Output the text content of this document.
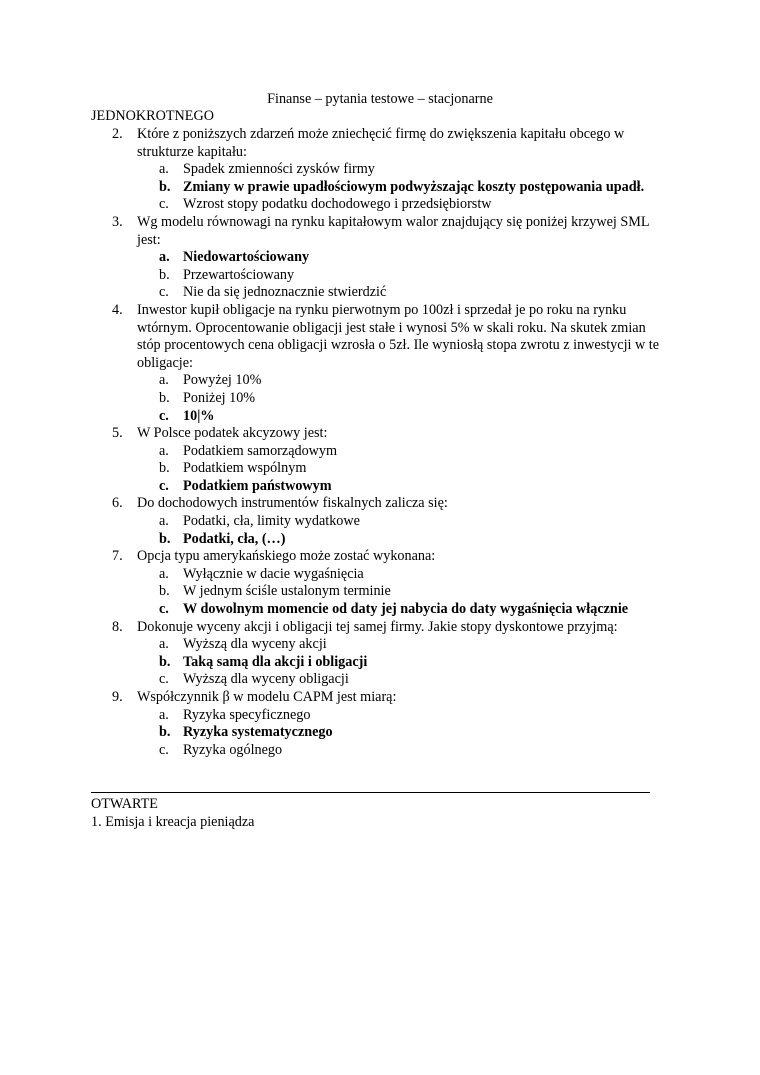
Finanse – pytania testowe – stacjonarne
JEDNOKROTNEGO
2. Które z poniższych zdarzeń może zniechęcić firmę do zwiększenia kapitału obcego w strukturze kapitału:
a. Spadek zmienności zysków firmy
b. Zmiany w prawie upadłościowym podwyższając koszty postępowania upadł.
c. Wzrost stopy podatku dochodowego i przedsiębiorstw
3. Wg modelu równowagi na rynku kapitałowym walor znajdujący się poniżej krzywej SML jest:
a. Niedowartościowany
b. Przewartościowany
c. Nie da się jednoznacznie stwierdzić
4. Inwestor kupił obligacje na rynku pierwotnym po 100zł i sprzedał je po roku na rynku wtórnym. Oprocentowanie obligacji jest stałe i wynosi 5% w skali roku. Na skutek zmian stóp procentowych cena obligacji wzrosła o 5zł. Ile wyniosłą stopa zwrotu z inwestycji w te obligacje:
a. Powyżej 10%
b. Poniżej 10%
c. 10|%
5. W Polsce podatek akcyzowy jest:
a. Podatkiem samorządowym
b. Podatkiem wspólnym
c. Podatkiem państwowym
6. Do dochodowych instrumentów fiskalnych zalicza się:
a. Podatki, cła, limity wydatkowe
b. Podatki, cła, (…)
7. Opcja typu amerykańskiego może zostać wykonana:
a. Wyłącznie w dacie wygaśnięcia
b. W jednym ściśle ustalonym terminie
c. W dowolnym momencie od daty jej nabycia do daty wygaśnięcia włącznie
8. Dokonuje wyceny akcji i obligacji tej samej firmy. Jakie stopy dyskontowe przyjmą:
a. Wyższą dla wyceny akcji
b. Taką samą dla akcji i obligacji
c. Wyższą dla wyceny obligacji
9. Współczynnik β w modelu CAPM jest miarą:
a. Ryzyka specyficznego
b. Ryzyka systematycznego
c. Ryzyka ogólnego
OTWARTE
1. Emisja i kreacja pieniądza
